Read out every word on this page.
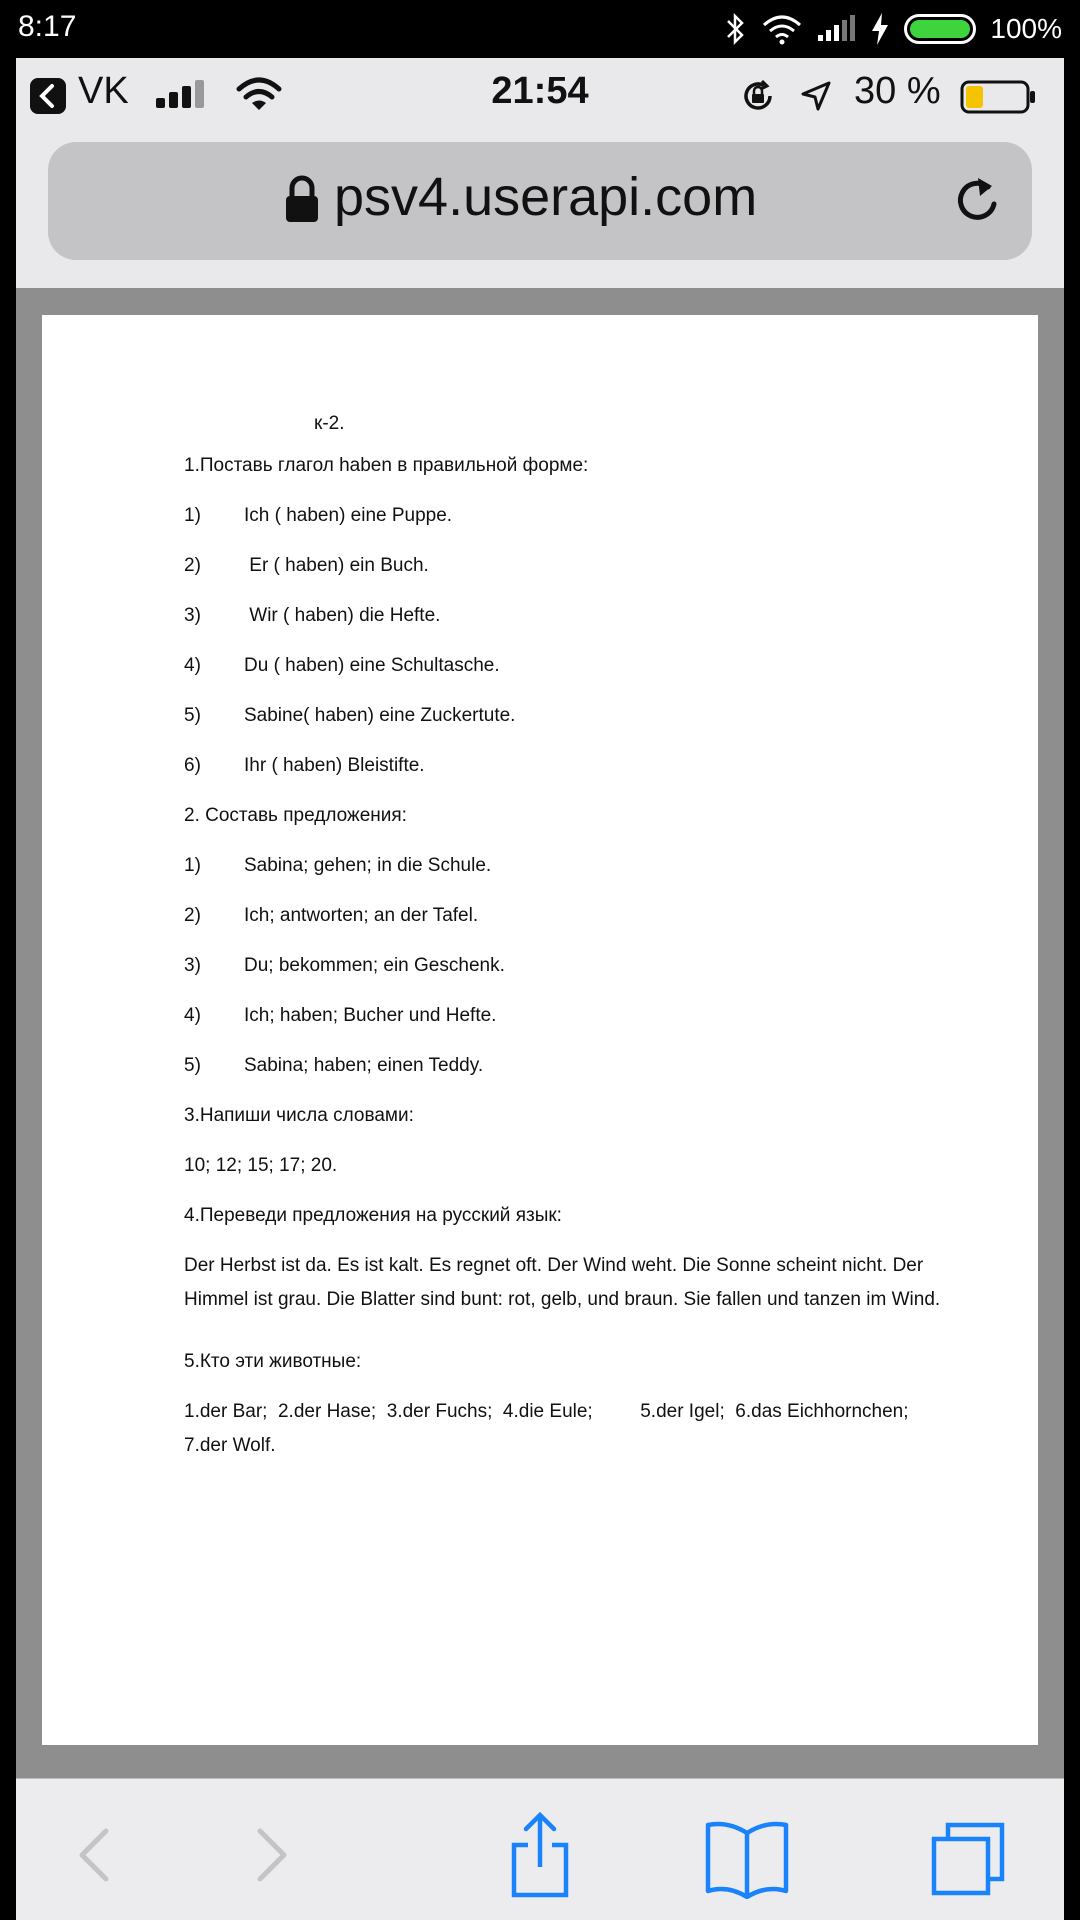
8:17	100%
VK	21:54	30 %
psv4.userapi.com
к-2.
1.Поставь глагол haben в правильной форме:
1) Ich ( haben) eine Puppe.
2) Er ( haben) ein Buch.
3) Wir ( haben) die Hefte.
4) Du ( haben) eine Schultasche.
5) Sabine( haben) eine Zuckertute.
6) Ihr ( haben) Bleistifte.
2. Составь предложения:
1) Sabina; gehen; in die Schule.
2) Ich; antworten; an der Tafel.
3) Du; bekommen; ein Geschenk.
4) Ich; haben; Bucher und Hefte.
5) Sabina; haben; einen Teddy.
3.Напиши числа словами:
10; 12; 15; 17; 20.
4.Переведи предложения на русский язык:
Der Herbst ist da. Es ist kalt. Es regnet oft. Der Wind weht. Die Sonne scheint nicht. Der Himmel ist grau. Die Blatter sind bunt: rot, gelb, und braun. Sie fallen und tanzen im Wind.
5.Кто эти животные:
1.der Bar;  2.der Hase;  3.der Fuchs;  4.die Eule;         5.der Igel;  6.das Eichhornchen; 7.der Wolf.
